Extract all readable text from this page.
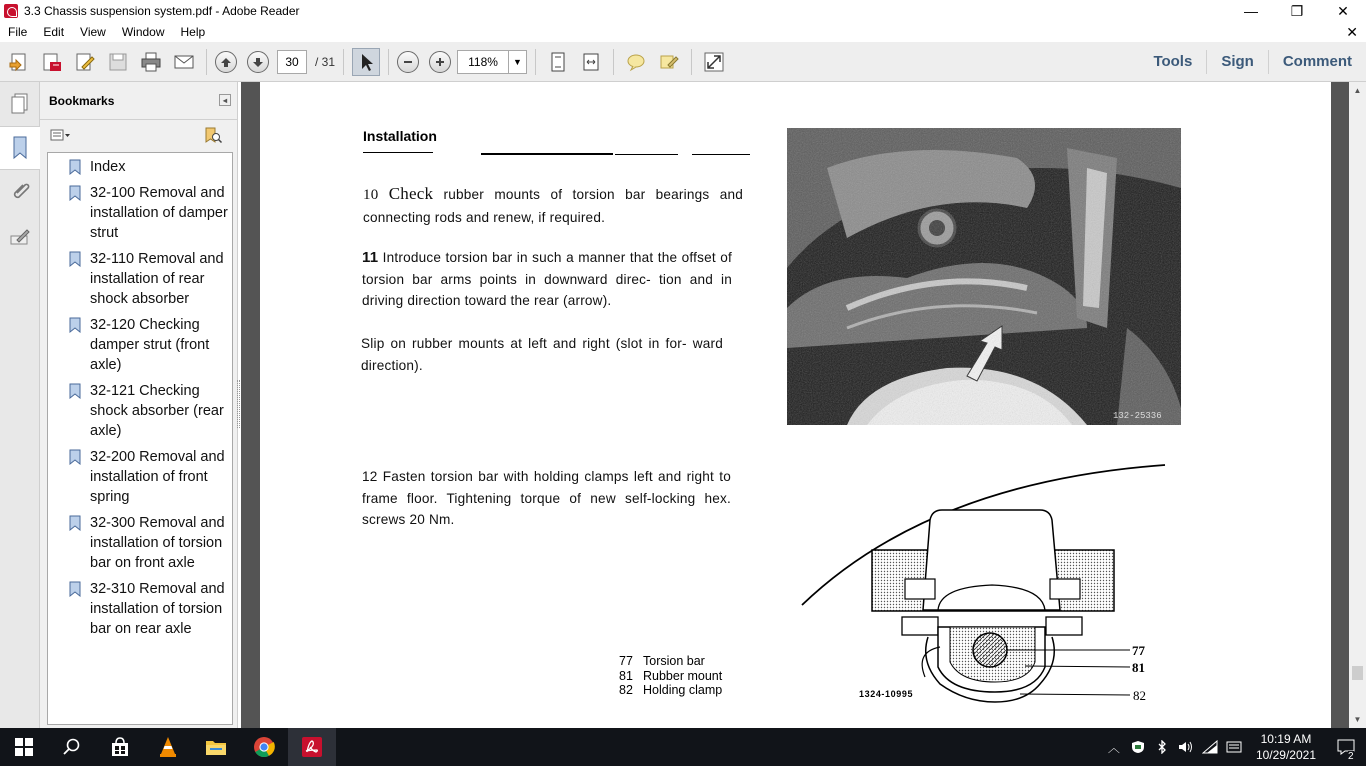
3.3 Chassis suspension system.pdf - Adobe Reader	—	❐	✕
File	Edit	View	Window	Help	✕
30	/ 31	118%	▼	Tools	Sign	Comment
Bookmarks	◂
Index
32-100 Removal and installation of damper strut
32-110 Removal and installation of rear shock absorber
32-120 Checking damper strut (front axle)
32-121 Checking shock absorber (rear axle)
32-200 Removal and installation of front spring
32-300 Removal and installation of torsion bar on front axle
32-310 Removal and installation of torsion bar on rear axle
Installation
10 Check rubber mounts of torsion bar bearings and connecting rods and renew, if required.
11 Introduce torsion bar in such a manner that the offset of torsion bar arms points in downward direc- tion and in driving direction toward the rear (arrow).
Slip on rubber mounts at left and right (slot in for- ward direction).
12 Fasten torsion bar with holding clamps left and right to frame floor. Tightening torque of new self-locking hex. screws 20 Nm.
132-25336
77
81
82
1324-10995
77 Torsion bar
81 Rubber mount
82 Holding clamp
▲
▼
︿
10:19 AM
10/29/2021	2
